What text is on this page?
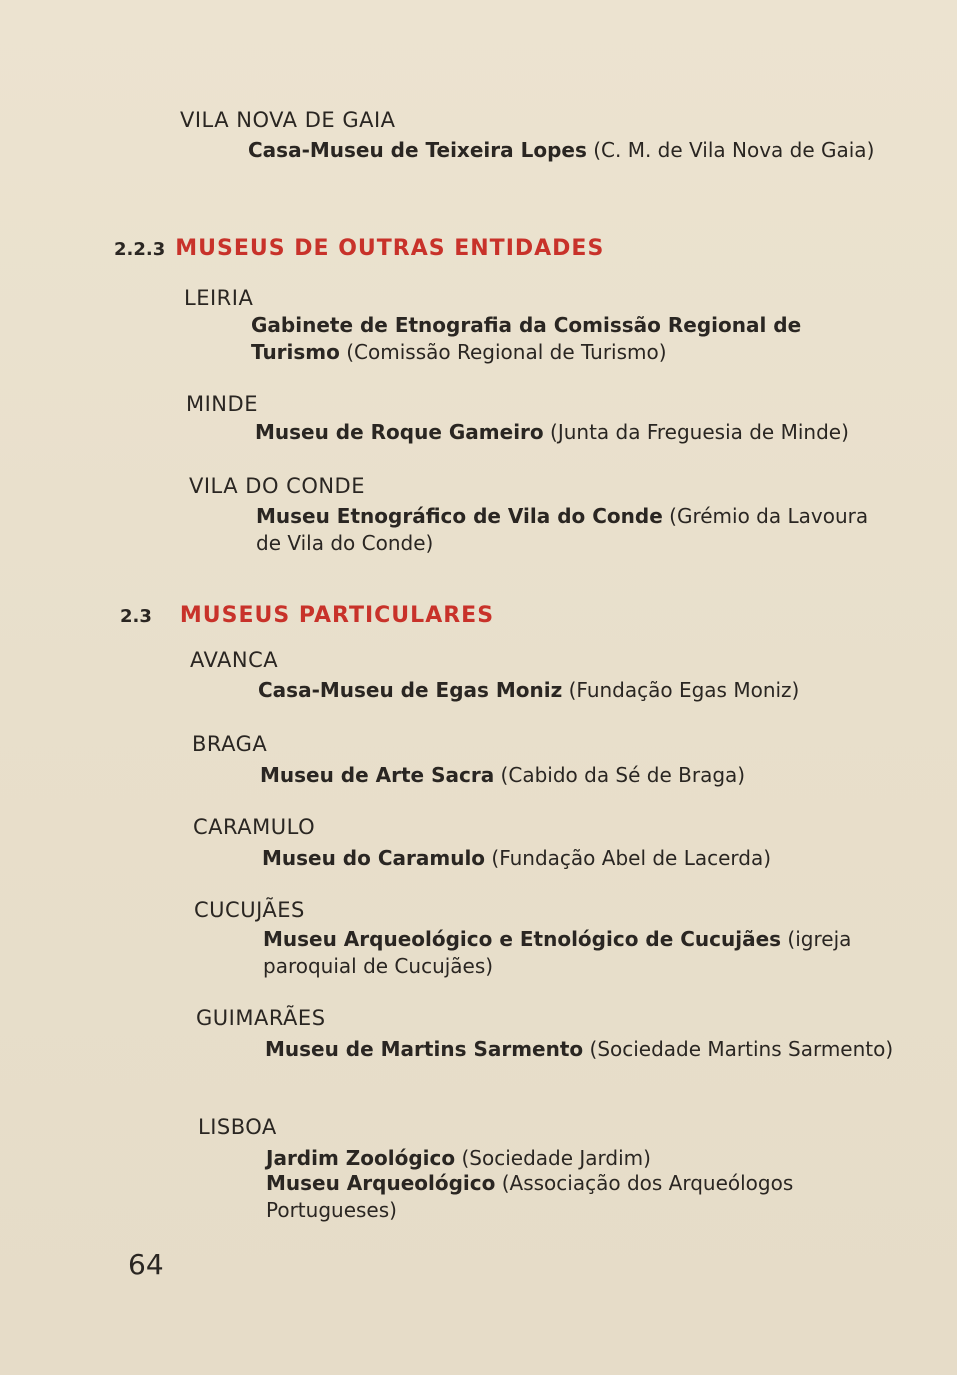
VILA NOVA DE GAIA
Casa-Museu de Teixeira Lopes (C. M. de Vila Nova de Gaia)
2.2.3 MUSEUS DE OUTRAS ENTIDADES
LEIRIA
Gabinete de Etnografia da Comissão Regional de Turismo (Comissão Regional de Turismo)
MINDE
Museu de Roque Gameiro (Junta da Freguesia de Minde)
VILA DO CONDE
Museu Etnográfico de Vila do Conde (Grémio da Lavoura de Vila do Conde)
2.3 MUSEUS PARTICULARES
AVANCA
Casa-Museu de Egas Moniz (Fundação Egas Moniz)
BRAGA
Museu de Arte Sacra (Cabido da Sé de Braga)
CARAMULO
Museu do Caramulo (Fundação Abel de Lacerda)
CUCUJÃES
Museu Arqueológico e Etnológico de Cucujães (igreja paroquial de Cucujães)
GUIMARÃES
Museu de Martins Sarmento (Sociedade Martins Sarmento)
LISBOA
Jardim Zoológico (Sociedade Jardim)
Museu Arqueológico (Associação dos Arqueólogos Portugueses)
64
